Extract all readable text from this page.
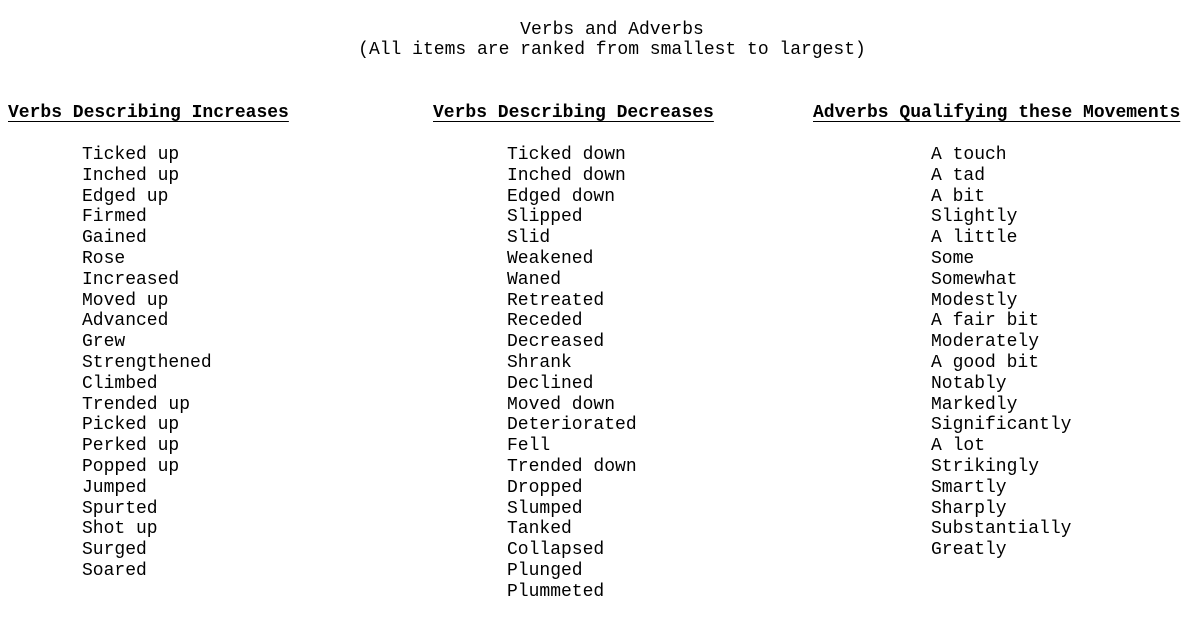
Verbs and Adverbs
(All items are ranked from smallest to largest)
Verbs Describing Increases	Verbs Describing Decreases	Adverbs Qualifying these Movements
Ticked up
Inched up
Edged up
Firmed
Gained
Rose
Increased
Moved up
Advanced
Grew
Strengthened
Climbed
Trended up
Picked up
Perked up
Popped up
Jumped
Spurted
Shot up
Surged
Soared
Ticked down
Inched down
Edged down
Slipped
Slid
Weakened
Waned
Retreated
Receded
Decreased
Shrank
Declined
Moved down
Deteriorated
Fell
Trended down
Dropped
Slumped
Tanked
Collapsed
Plunged
Plummeted
A touch
A tad
A bit
Slightly
A little
Some
Somewhat
Modestly
A fair bit
Moderately
A good bit
Notably
Markedly
Significantly
A lot
Strikingly
Smartly
Sharply
Substantially
Greatly
